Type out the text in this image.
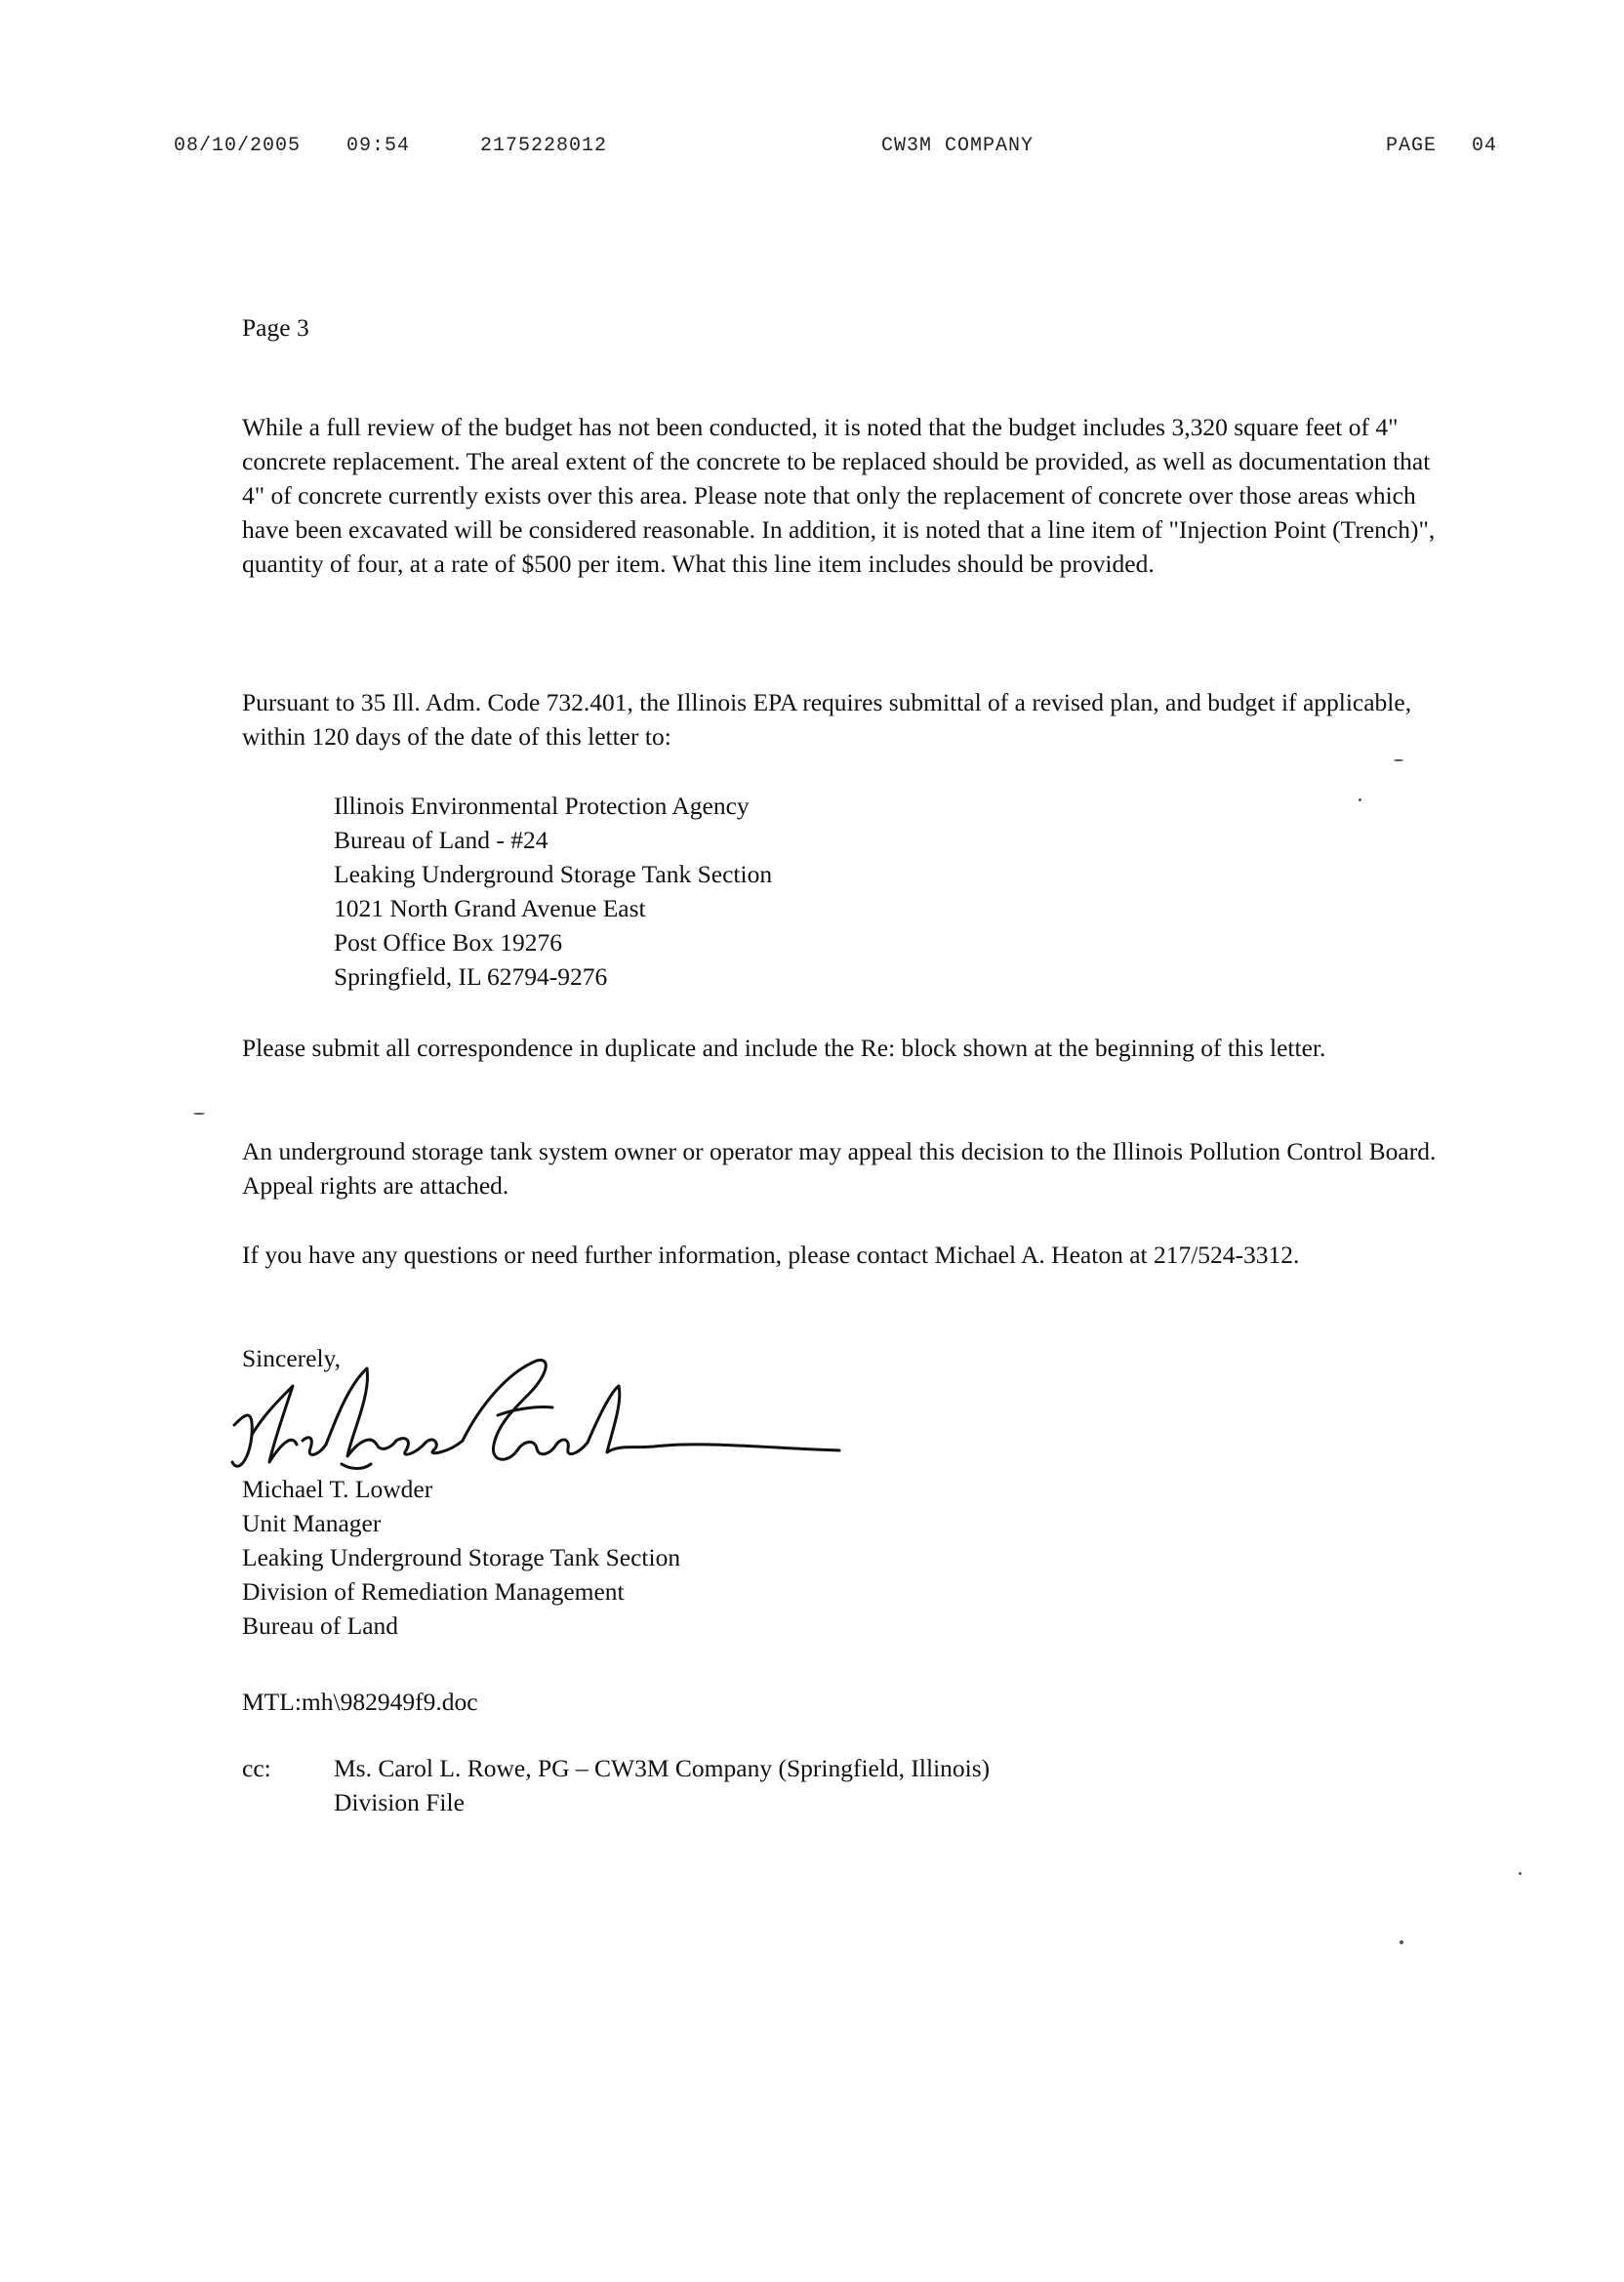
08/10/2005 09:54	2175228012	CW3M COMPANY	PAGE 04
Page 3

While a full review of the budget has not been conducted, it is noted that the budget includes 3,320 square feet of 4" concrete replacement. The areal extent of the concrete to be replaced should be provided, as well as documentation that 4" of concrete currently exists over this area. Please note that only the replacement of concrete over those areas which have been excavated will be considered reasonable. In addition, it is noted that a line item of "Injection Point (Trench)", quantity of four, at a rate of $500 per item. What this line item includes should be provided.

Pursuant to 35 Ill. Adm. Code 732.401, the Illinois EPA requires submittal of a revised plan, and budget if applicable, within 120 days of the date of this letter to:

Illinois Environmental Protection Agency
Bureau of Land - #24
Leaking Underground Storage Tank Section
1021 North Grand Avenue East
Post Office Box 19276
Springfield, IL 62794-9276

Please submit all correspondence in duplicate and include the Re: block shown at the beginning of this letter.

An underground storage tank system owner or operator may appeal this decision to the Illinois Pollution Control Board. Appeal rights are attached.

If you have any questions or need further information, please contact Michael A. Heaton at 217/524-3312.

Sincerely,
Michael T. Lowder
Unit Manager
Leaking Underground Storage Tank Section
Division of Remediation Management
Bureau of Land
MTL:mh\982949f9.doc
cc:	Ms. Carol L. Rowe, PG – CW3M Company (Springfield, Illinois)
Division File
